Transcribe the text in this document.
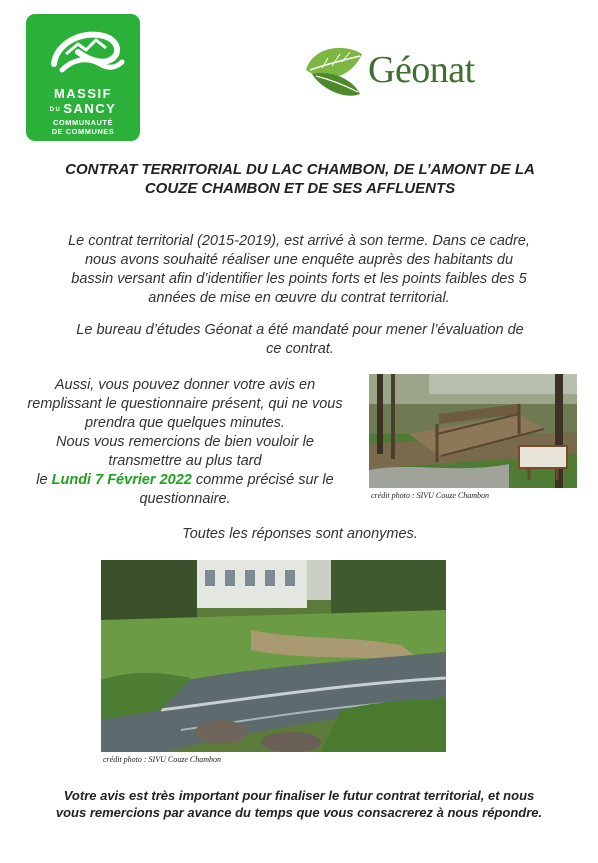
MASSIF
DU SANCY
COMMUNAUTÉ
DE COMMUNES
Géonat
CONTRAT TERRITORIAL DU LAC CHAMBON, DE L’AMONT DE LA
COUZE CHAMBON ET DE SES AFFLUENTS
Le contrat territorial (2015-2019), est arrivé à son terme. Dans ce cadre,
nous avons souhaité réaliser une enquête auprès des habitants du
bassin versant afin d’identifier les points forts et les points faibles des 5
années de mise en œuvre du contrat territorial.
Le bureau d’études Géonat a été mandaté pour mener l’évaluation de
ce contrat.
Aussi, vous pouvez donner votre avis en
remplissant le questionnaire présent, qui ne vous
prendra que quelques minutes.
Nous vous remercions de bien vouloir le
transmettre au plus tard
le Lundi 7 Février 2022 comme précisé sur le
questionnaire.	crédit photo : SIVU Couze Chambon
Toutes les réponses sont anonymes.
crédit photo : SIVU Couze Chambon
Votre avis est très important pour finaliser le futur contrat territorial, et nous
vous remercions par avance du temps que vous consacrerez à nous répondre.
